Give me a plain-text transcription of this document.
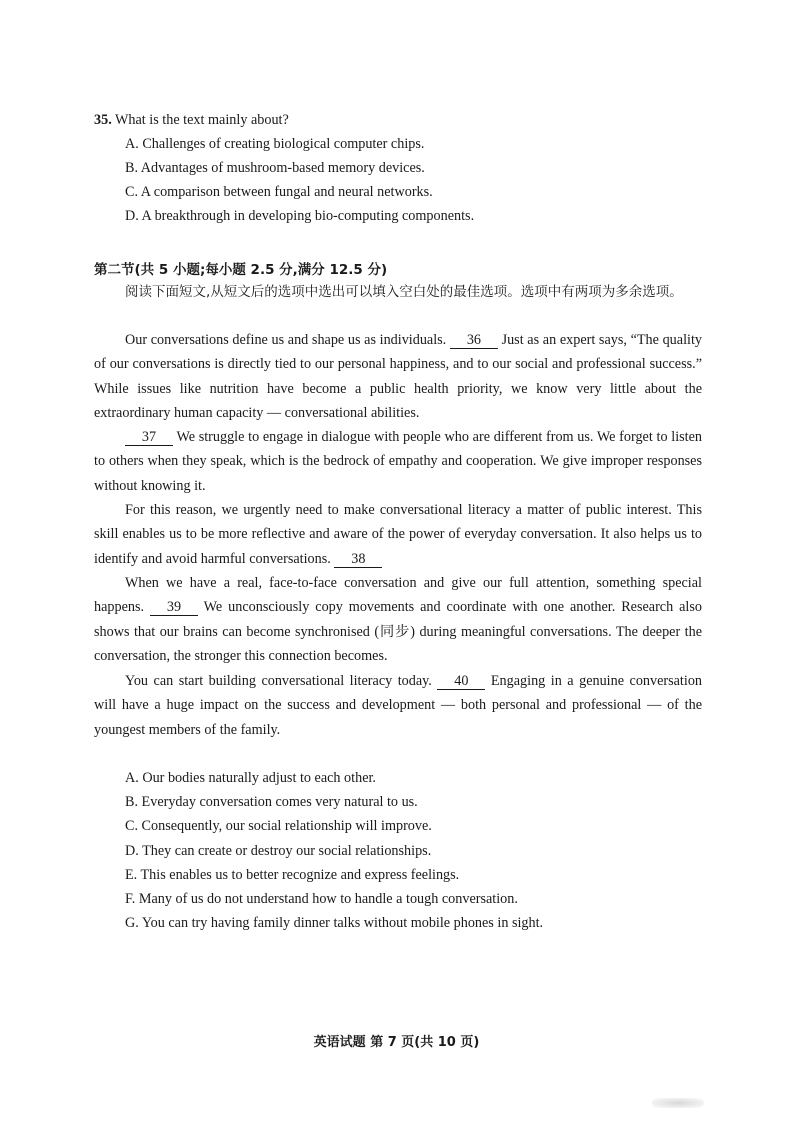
35. What is the text mainly about?
A. Challenges of creating biological computer chips.
B. Advantages of mushroom-based memory devices.
C. A comparison between fungal and neural networks.
D. A breakthrough in developing bio-computing components.
第二节(共 5 小题;每小题 2.5 分,满分 12.5 分)
阅读下面短文,从短文后的选项中选出可以填入空白处的最佳选项。选项中有两项为多余选项。
Our conversations define us and shape us as individuals. 36 Just as an expert says, “The quality of our conversations is directly tied to our personal happiness, and to our social and professional success.” While issues like nutrition have become a public health priority, we know very little about the extraordinary human capacity — conversational abilities.
37 We struggle to engage in dialogue with people who are different from us. We forget to listen to others when they speak, which is the bedrock of empathy and cooperation. We give improper responses without knowing it.
For this reason, we urgently need to make conversational literacy a matter of public interest. This skill enables us to be more reflective and aware of the power of everyday conversation. It also helps us to identify and avoid harmful conversations. 38
When we have a real, face-to-face conversation and give our full attention, something special happens. 39 We unconsciously copy movements and coordinate with one another. Research also shows that our brains can become synchronised (同步) during meaningful conversations. The deeper the conversation, the stronger this connection becomes.
You can start building conversational literacy today. 40 Engaging in a genuine conversation will have a huge impact on the success and development — both personal and professional — of the youngest members of the family.
A. Our bodies naturally adjust to each other.
B. Everyday conversation comes very natural to us.
C. Consequently, our social relationship will improve.
D. They can create or destroy our social relationships.
E. This enables us to better recognize and express feelings.
F. Many of us do not understand how to handle a tough conversation.
G. You can try having family dinner talks without mobile phones in sight.
英语试题 第 7 页(共 10 页)
